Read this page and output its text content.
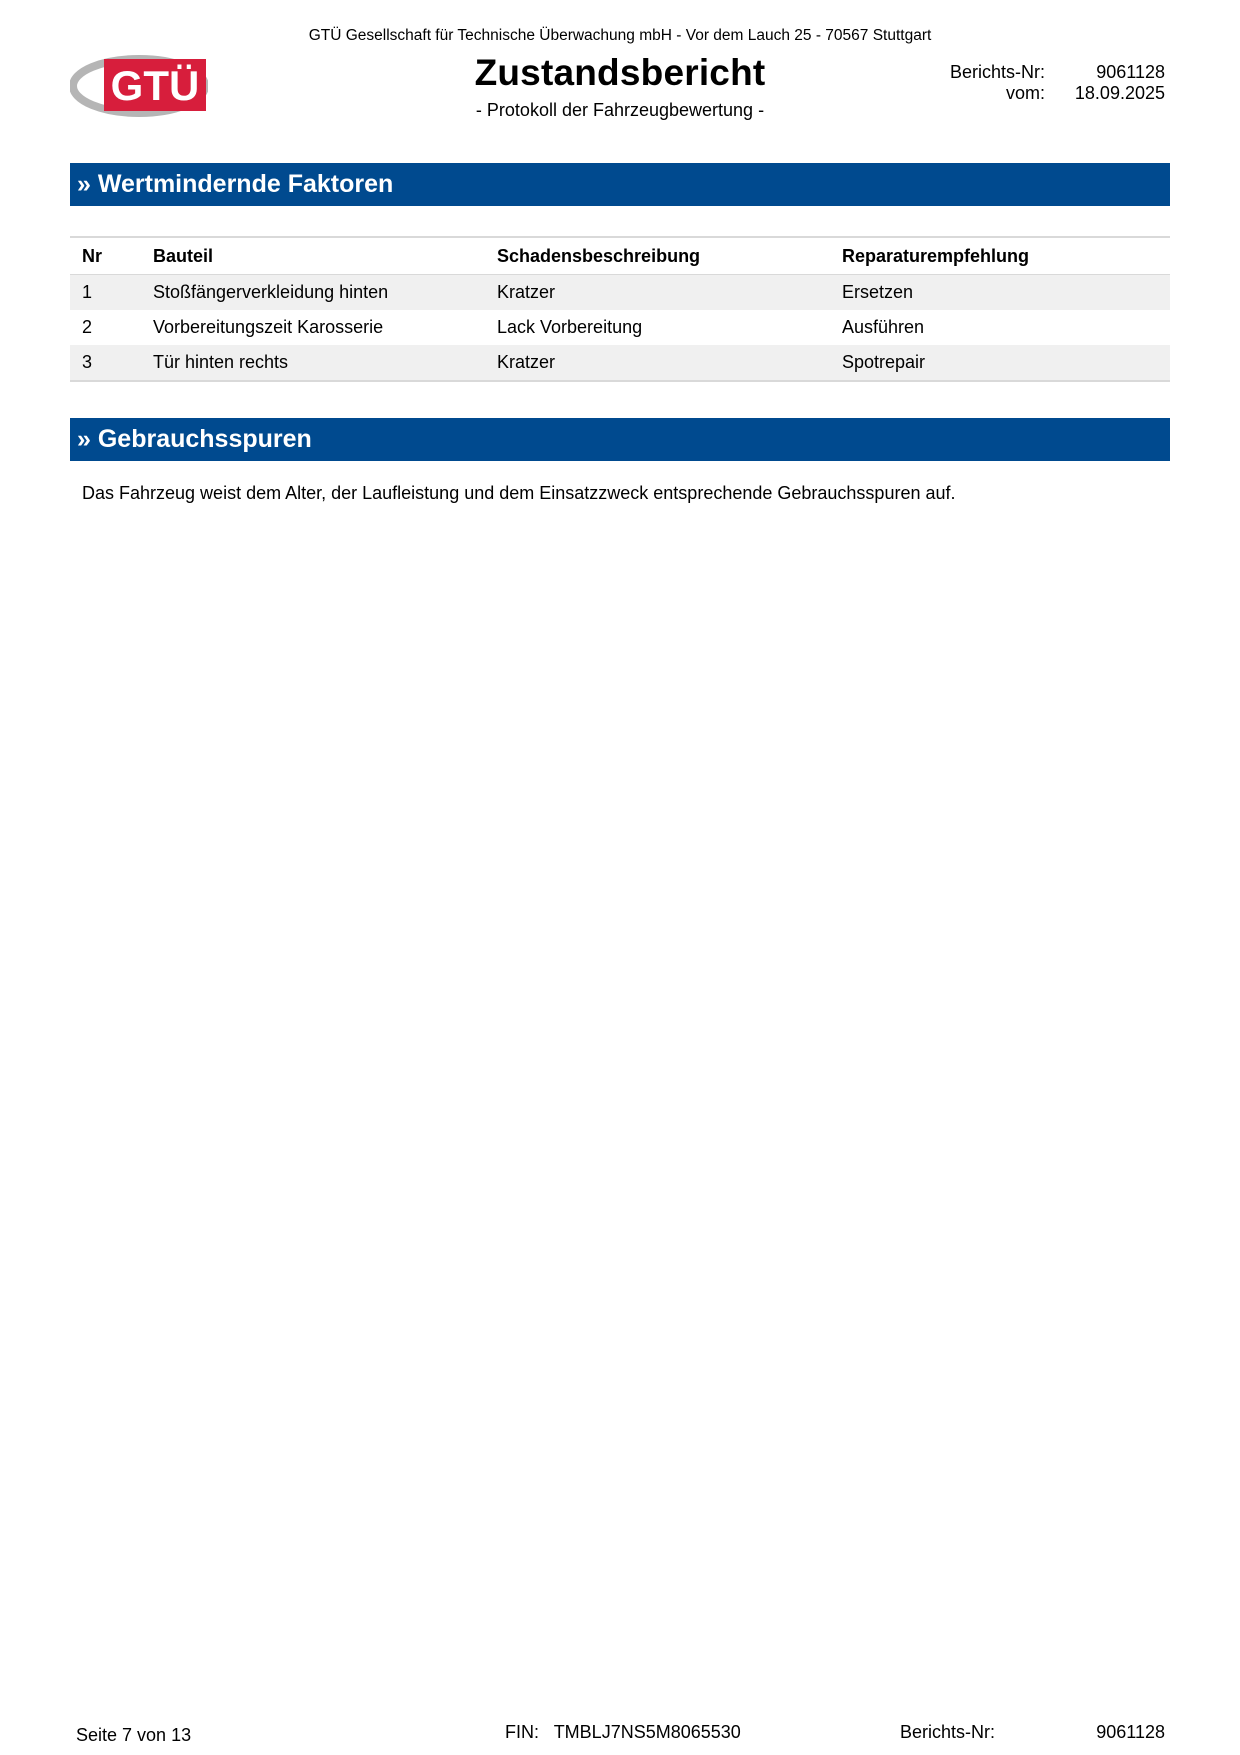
GTÜ Gesellschaft für Technische Überwachung mbH - Vor dem Lauch 25 - 70567 Stuttgart
GTÜ	Zustandsbericht
- Protokoll der Fahrzeugbewertung -
Berichts-Nr:	9061128
vom:	18.09.2025
» Wertmindernde Faktoren
Nr	Bauteil	Schadensbeschreibung	Reparaturempfehlung
1	Stoßfängerverkleidung hinten	Kratzer	Ersetzen
2	Vorbereitungszeit Karosserie	Lack Vorbereitung	Ausführen
3	Tür hinten rechts	Kratzer	Spotrepair
» Gebrauchsspuren
Das Fahrzeug weist dem Alter, der Laufleistung und dem Einsatzzweck entsprechende Gebrauchsspuren auf.
Seite 7 von 13	FIN: TMBLJ7NS5M8065530	Berichts-Nr:	9061128
